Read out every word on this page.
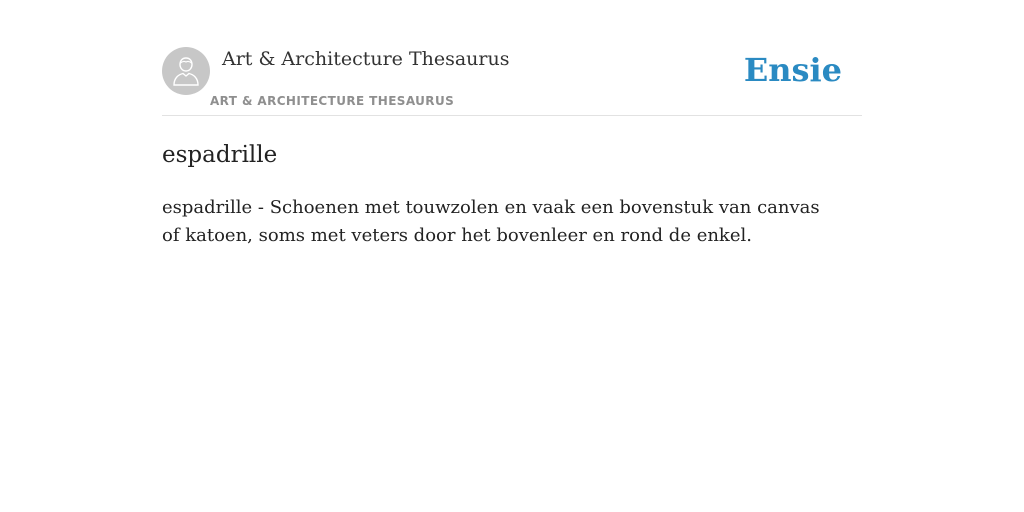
Art & Architecture Thesaurus
ART & ARCHITECTURE THESAURUS
Ensie
espadrille

espadrille - Schoenen met touwzolen en vaak een bovenstuk van canvas of katoen, soms met veters door het bovenleer en rond de enkel.
